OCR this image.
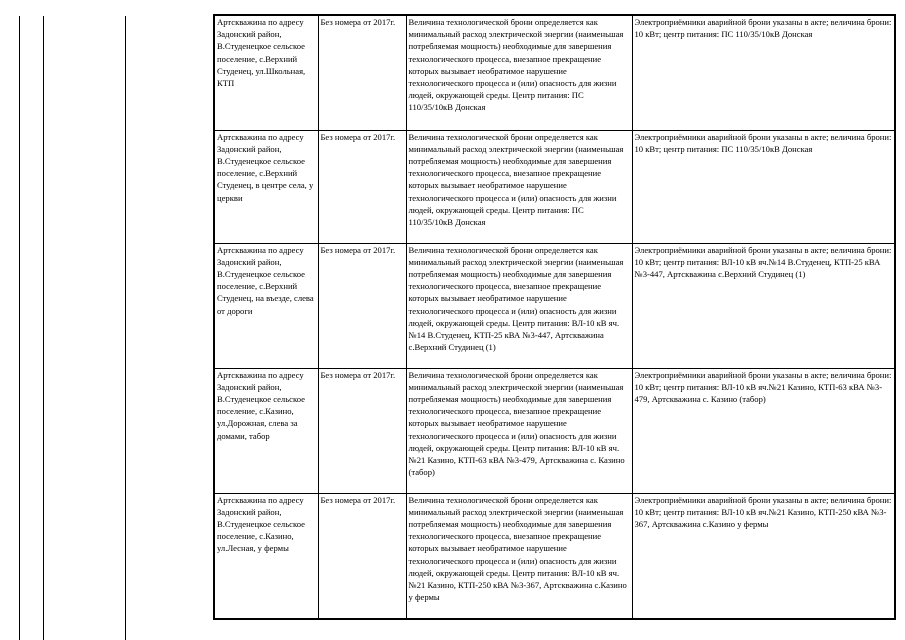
Артскважина по адресу Задонский район, В.Студенецкое сельское поселение, с.Верхний Студенец, ул.Школьная, КТП	Без номера от 2017г.	Величина технологической брони определяется как минимальный расход электрической энергии (наименьшая потребляемая мощность) необходимые для завершения технологического процесса, внезапное прекращение которых вызывает необратимое нарушение технологического процесса и (или) опасность для жизни людей, окружающей среды. Центр питания: ПС 110/35/10кВ Донская	Электроприёмники аварийной брони указаны в акте; величина брони: 10 кВт; центр питания: ПС 110/35/10кВ Донская
Артскважина по адресу Задонский район, В.Студенецкое сельское поселение, с.Верхний Студенец, в центре села, у церкви	Без номера от 2017г.	Величина технологической брони определяется как минимальный расход электрической энергии (наименьшая потребляемая мощность) необходимые для завершения технологического процесса, внезапное прекращение которых вызывает необратимое нарушение технологического процесса и (или) опасность для жизни людей, окружающей среды. Центр питания: ПС 110/35/10кВ Донская	Электроприёмники аварийной брони указаны в акте; величина брони: 10 кВт; центр питания: ПС 110/35/10кВ Донская
Артскважина по адресу Задонский район, В.Студенецкое сельское поселение, с.Верхний Студенец, на въезде, слева от дороги	Без номера от 2017г.	Величина технологической брони определяется как минимальный расход электрической энергии (наименьшая потребляемая мощность) необходимые для завершения технологического процесса, внезапное прекращение которых вызывает необратимое нарушение технологического процесса и (или) опасность для жизни людей, окружающей среды. Центр питания: ВЛ-10 кВ яч.№14 В.Студенец, КТП-25 кВА №3-447, Артскважина с.Верхний Студинец (1)	Электроприёмники аварийной брони указаны в акте; величина брони: 10 кВт; центр питания: ВЛ-10 кВ яч.№14 В.Студенец, КТП-25 кВА №3-447, Артскважина с.Верхний Студинец (1)
Артскважина по адресу Задонский район, В.Студенецкое сельское поселение, с.Казино, ул.Дорожная, слева за домами, табор	Без номера от 2017г.	Величина технологической брони определяется как минимальный расход электрической энергии (наименьшая потребляемая мощность) необходимые для завершения технологического процесса, внезапное прекращение которых вызывает необратимое нарушение технологического процесса и (или) опасность для жизни людей, окружающей среды. Центр питания: ВЛ-10 кВ яч.№21 Казино, КТП-63 кВА №3-479, Артскважина с. Казино (табор)	Электроприёмники аварийной брони указаны в акте; величина брони: 10 кВт; центр питания: ВЛ-10 кВ яч.№21 Казино, КТП-63 кВА №3-479, Артскважина с. Казино (табор)
Артскважина по адресу Задонский район, В.Студенецкое сельское поселение, с.Казино, ул.Лесная, у фермы	Без номера от 2017г.	Величина технологической брони определяется как минимальный расход электрической энергии (наименьшая потребляемая мощность) необходимые для завершения технологического процесса, внезапное прекращение которых вызывает необратимое нарушение технологического процесса и (или) опасность для жизни людей, окружающей среды. Центр питания: ВЛ-10 кВ яч.№21 Казино, КТП-250 кВА №3-367, Артскважина с.Казино у фермы	Электроприёмники аварийной брони указаны в акте; величина брони: 10 кВт; центр питания: ВЛ-10 кВ яч.№21 Казино, КТП-250 кВА №3-367, Артскважина с.Казино у фермы
